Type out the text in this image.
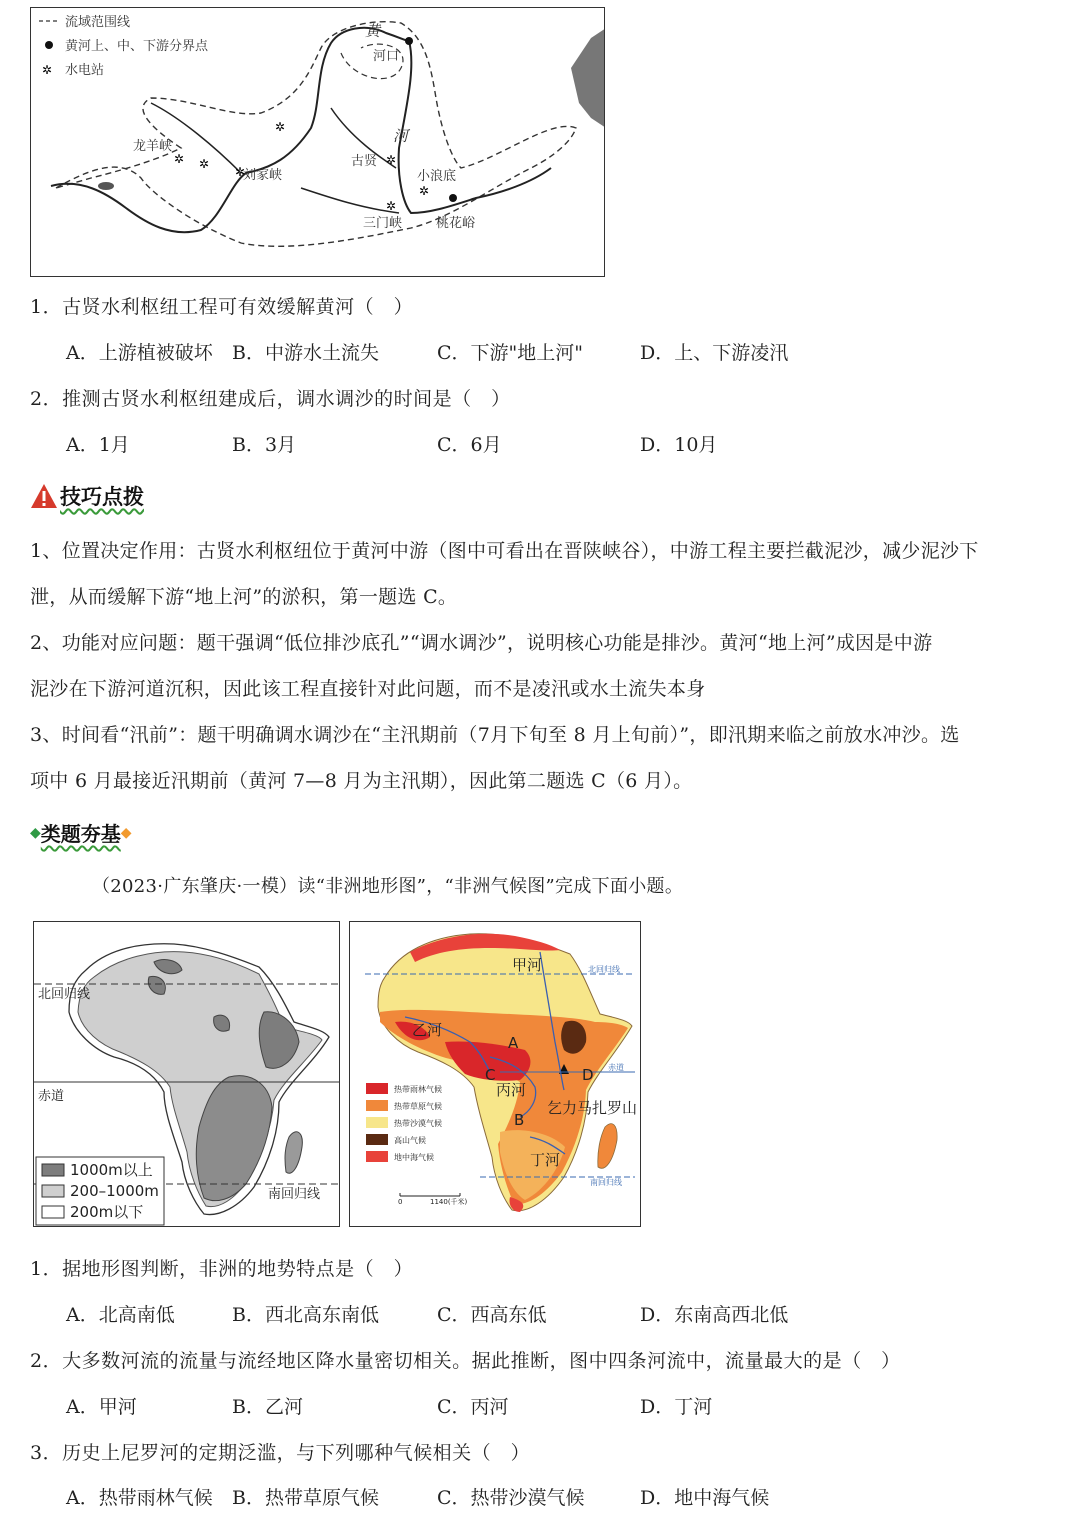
✲ ✲
✲
✲
✲
✲
✲
流域范围线
黄河上、中、下游分界点
✲ 水电站
黄
河口
河
龙羊峡
刘家峡
古贤
小浪底
三门峡	桃花峪
1．古贤水利枢纽工程可有效缓解黄河（　）
A．上游植被破坏 B．中游水土流失	C．下游"地上河"	D．上、下游凌汛
2．推测古贤水利枢纽建成后，调水调沙的时间是（　）
A．1月	B．3月	C．6月	D．10月
技巧点拨
1、位置决定作用：古贤水利枢纽位于黄河中游（图中可看出在晋陕峡谷），中游工程主要拦截泥沙，减少泥沙下
泄，从而缓解下游“地上河”的淤积，第一题选 C。
2、功能对应问题：题干强调“低位排沙底孔”“调水调沙”，说明核心功能是排沙。黄河“地上河”成因是中游
泥沙在下游河道沉积，因此该工程直接针对此问题，而不是凌汛或水土流失本身
3、时间看“汛前”：题干明确调水调沙在“主汛期前（7月下旬至 8 月上旬前）”，即汛期来临之前放水冲沙。选
项中 6 月最接近汛期前（黄河 7—8 月为主汛期），因此第二题选 C（6 月）。
◆ 类题夯基 ◆
（2023·广东肇庆·一模）读“非洲地形图”，“非洲气候图”完成下面小题。
北回归线
赤道
南回归线
1000m以上
200–1000m
200m以下
北回归线
赤道
南回归线
甲河
乙河
丙河
丁河
A
B
C	D
乞力马扎罗山
热带雨林气候
热带草原气候
热带沙漠气候
高山气候
地中海气候
0	1140(千米)
1．据地形图判断，非洲的地势特点是（　）
A．北高南低	B．西北高东南低	C．西高东低	D．东南高西北低
2．大多数河流的流量与流经地区降水量密切相关。据此推断，图中四条河流中，流量最大的是（　）
A．甲河	B．乙河	C．丙河	D．丁河
3．历史上尼罗河的定期泛滥，与下列哪种气候相关（　）
A．热带雨林气候 B．热带草原气候	C．热带沙漠气候	D．地中海气候
